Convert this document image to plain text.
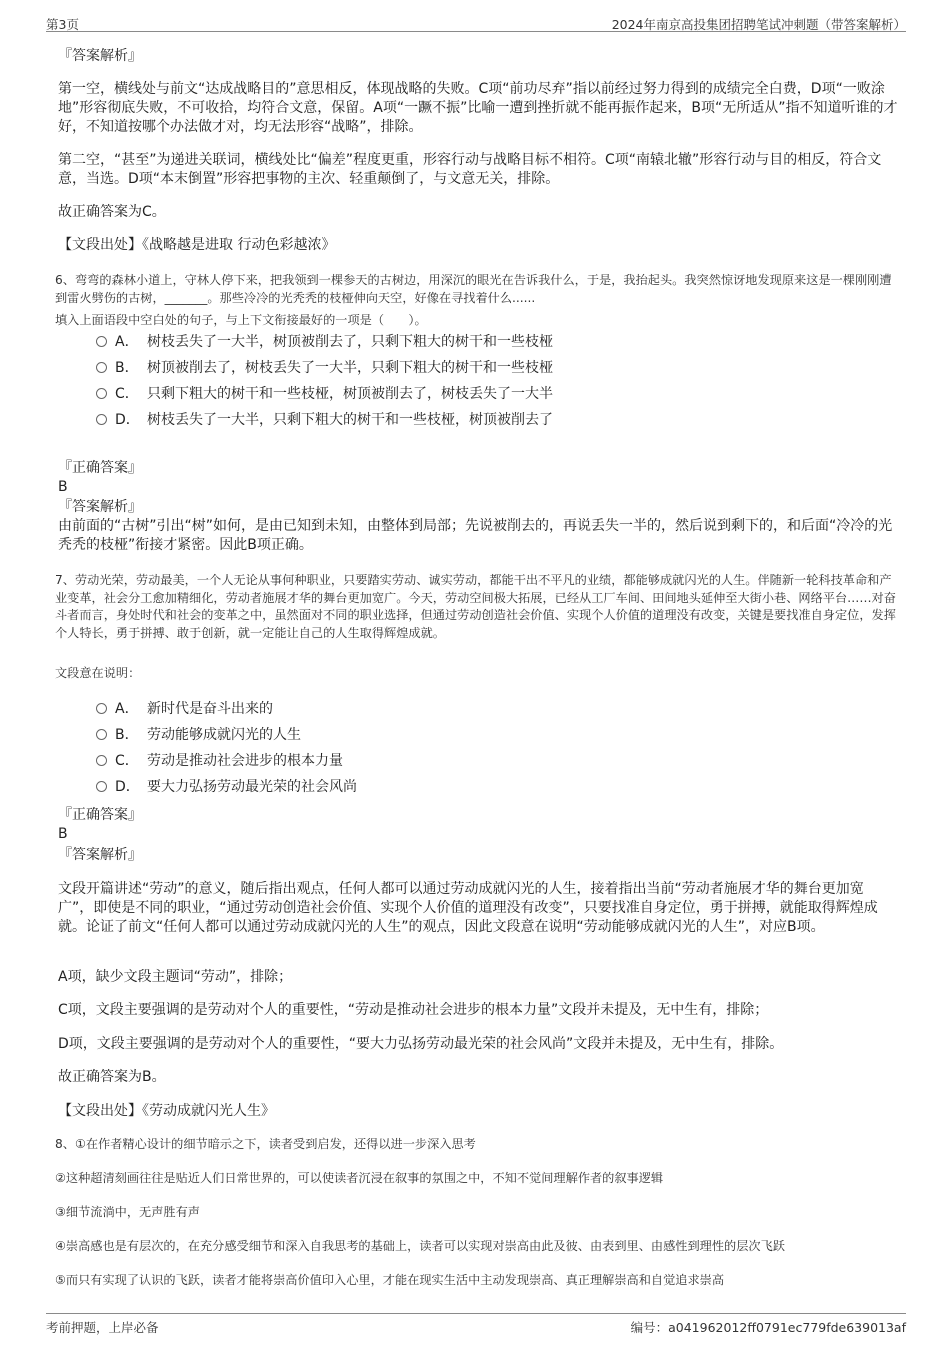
第3页	2024年南京高投集团招聘笔试冲刺题（带答案解析）

『答案解析』

第一空，横线处与前文“达成战略目的”意思相反，体现战略的失败。C项“前功尽弃”指以前经过努力得到的成绩完全白费，D项“一败涂地”形容彻底失败，不可收拾，均符合文意，保留。A项“一蹶不振”比喻一遭到挫折就不能再振作起来，B项“无所适从”指不知道听谁的才好，不知道按哪个办法做才对，均无法形容“战略”，排除。

第二空，“甚至”为递进关联词，横线处比“偏差”程度更重，形容行动与战略目标不相符。C项“南辕北辙”形容行动与目的相反，符合文意，当选。D项“本末倒置”形容把事物的主次、轻重颠倒了，与文意无关，排除。

故正确答案为C。

【文段出处】《战略越是进取 行动色彩越浓》

6、弯弯的森林小道上，守林人停下来，把我领到一棵参天的古树边，用深沉的眼光在告诉我什么，于是，我抬起头。我突然惊讶地发现原来这是一棵刚刚遭到雷火劈伤的古树，_______。那些冷冷的光秃秃的枝桠伸向天空，好像在寻找着什么......

填入上面语段中空白处的句子，与上下文衔接最好的一项是（　　）。

A． 树枝丢失了一大半，树顶被削去了，只剩下粗大的树干和一些枝桠
B． 树顶被削去了，树枝丢失了一大半，只剩下粗大的树干和一些枝桠
C． 只剩下粗大的树干和一些枝桠，树顶被削去了，树枝丢失了一大半
D． 树枝丢失了一大半，只剩下粗大的树干和一些枝桠，树顶被削去了

『正确答案』

B

『答案解析』

由前面的“古树”引出“树”如何，是由已知到未知，由整体到局部；先说被削去的，再说丢失一半的，然后说到剩下的，和后面“冷冷的光秃秃的枝桠”衔接才紧密。因此B项正确。

7、劳动光荣，劳动最美，一个人无论从事何种职业，只要踏实劳动、诚实劳动，都能干出不平凡的业绩，都能够成就闪光的人生。伴随新一轮科技革命和产业变革，社会分工愈加精细化，劳动者施展才华的舞台更加宽广。今天，劳动空间极大拓展，已经从工厂车间、田间地头延伸至大街小巷、网络平台……对奋斗者而言，身处时代和社会的变革之中，虽然面对不同的职业选择，但通过劳动创造社会价值、实现个人价值的道理没有改变，关键是要找准自身定位，发挥个人特长，勇于拼搏、敢于创新，就一定能让自己的人生取得辉煌成就。

文段意在说明：

A． 新时代是奋斗出来的
B． 劳动能够成就闪光的人生
C． 劳动是推动社会进步的根本力量
D． 要大力弘扬劳动最光荣的社会风尚

『正确答案』

B

『答案解析』

文段开篇讲述“劳动”的意义，随后指出观点，任何人都可以通过劳动成就闪光的人生，接着指出当前“劳动者施展才华的舞台更加宽广”，即使是不同的职业，“通过劳动创造社会价值、实现个人价值的道理没有改变”，只要找准自身定位，勇于拼搏，就能取得辉煌成就。论证了前文“任何人都可以通过劳动成就闪光的人生”的观点，因此文段意在说明“劳动能够成就闪光的人生”，对应B项。

A项，缺少文段主题词“劳动”，排除；

C项，文段主要强调的是劳动对个人的重要性，“劳动是推动社会进步的根本力量”文段并未提及，无中生有，排除；

D项，文段主要强调的是劳动对个人的重要性，“要大力弘扬劳动最光荣的社会风尚”文段并未提及，无中生有，排除。

故正确答案为B。

【文段出处】《劳动成就闪光人生》

8、①在作者精心设计的细节暗示之下，读者受到启发，还得以进一步深入思考

②这种超清刻画往往是贴近人们日常世界的，可以使读者沉浸在叙事的氛围之中，不知不觉间理解作者的叙事逻辑

③细节流淌中，无声胜有声

④崇高感也是有层次的，在充分感受细节和深入自我思考的基础上，读者可以实现对崇高由此及彼、由表到里、由感性到理性的层次飞跃

⑤而只有实现了认识的飞跃，读者才能将崇高价值印入心里，才能在现实生活中主动发现崇高、真正理解崇高和自觉追求崇高

考前押题，上岸必备	编号：a041962012ff0791ec779fde639013af
